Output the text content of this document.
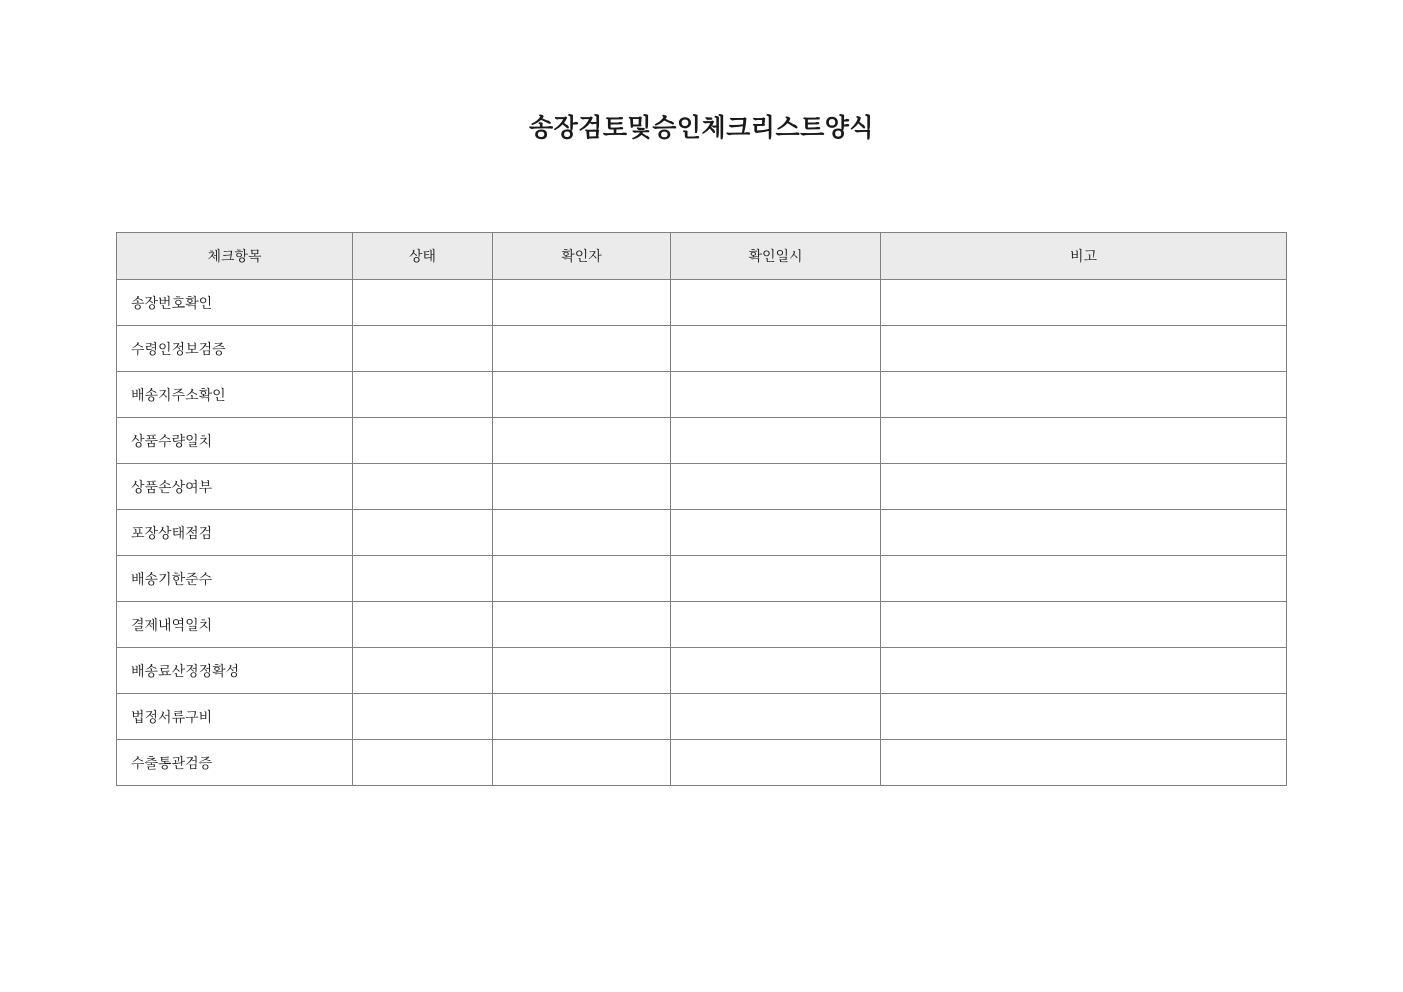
송장검토및승인체크리스트양식
체크항목	상태	확인자	확인일시	비고
송장번호확인				
수령인정보검증				
배송지주소확인				
상품수량일치				
상품손상여부				
포장상태점검				
배송기한준수				
결제내역일치				
배송료산정정확성				
법정서류구비				
수출통관검증				
